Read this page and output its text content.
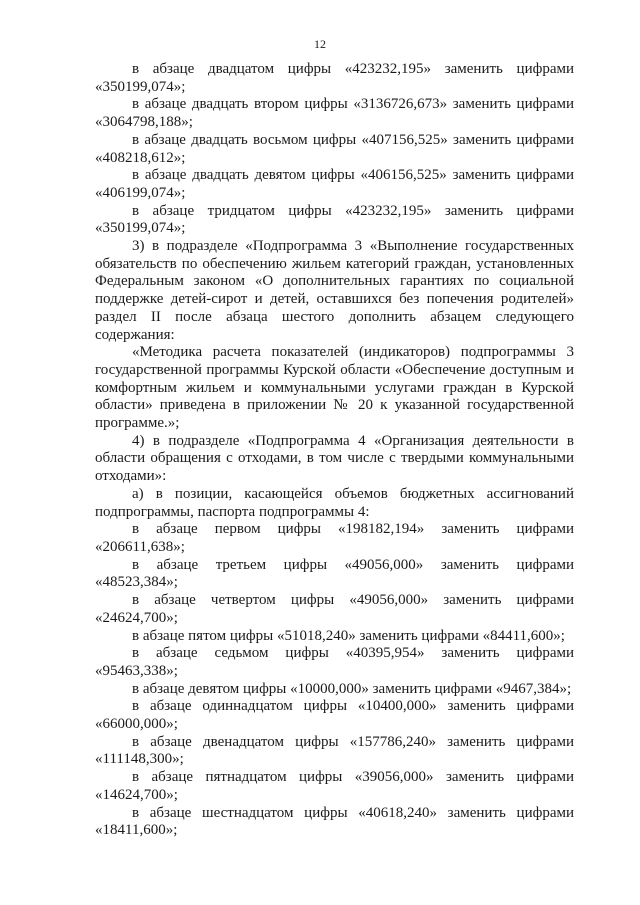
12

в абзаце двадцатом цифры «423232,195» заменить цифрами «350199,074»;

в абзаце двадцать втором цифры «3136726,673» заменить цифрами «3064798,188»;

в абзаце двадцать восьмом цифры «407156,525» заменить цифрами «408218,612»;

в абзаце двадцать девятом цифры «406156,525» заменить цифрами «406199,074»;

в абзаце тридцатом цифры «423232,195» заменить цифрами «350199,074»;

3) в подразделе «Подпрограмма 3 «Выполнение государственных обязательств по обеспечению жильем категорий граждан, установленных Федеральным законом «О дополнительных гарантиях по социальной поддержке детей-сирот и детей, оставшихся без попечения родителей» раздел II после абзаца шестого дополнить абзацем следующего содержания:

«Методика расчета показателей (индикаторов) подпрограммы 3 государственной программы Курской области «Обеспечение доступным и комфортным жильем и коммунальными услугами граждан в Курской области» приведена в приложении № 20 к указанной государственной программе.»;

4) в подразделе «Подпрограмма 4 «Организация деятельности в области обращения с отходами, в том числе с твердыми коммунальными отходами»:

а) в позиции, касающейся объемов бюджетных ассигнований подпрограммы, паспорта подпрограммы 4:

в абзаце первом цифры «198182,194» заменить цифрами «206611,638»;

в абзаце третьем цифры «49056,000» заменить цифрами «48523,384»;

в абзаце четвертом цифры «49056,000» заменить цифрами «24624,700»;

в абзаце пятом цифры «51018,240» заменить цифрами «84411,600»;

в абзаце седьмом цифры «40395,954» заменить цифрами «95463,338»;

в абзаце девятом цифры «10000,000» заменить цифрами «9467,384»;

в абзаце одиннадцатом цифры «10400,000» заменить цифрами «66000,000»;

в абзаце двенадцатом цифры «157786,240» заменить цифрами «111148,300»;

в абзаце пятнадцатом цифры «39056,000» заменить цифрами «14624,700»;

в абзаце шестнадцатом цифры «40618,240» заменить цифрами «18411,600»;
